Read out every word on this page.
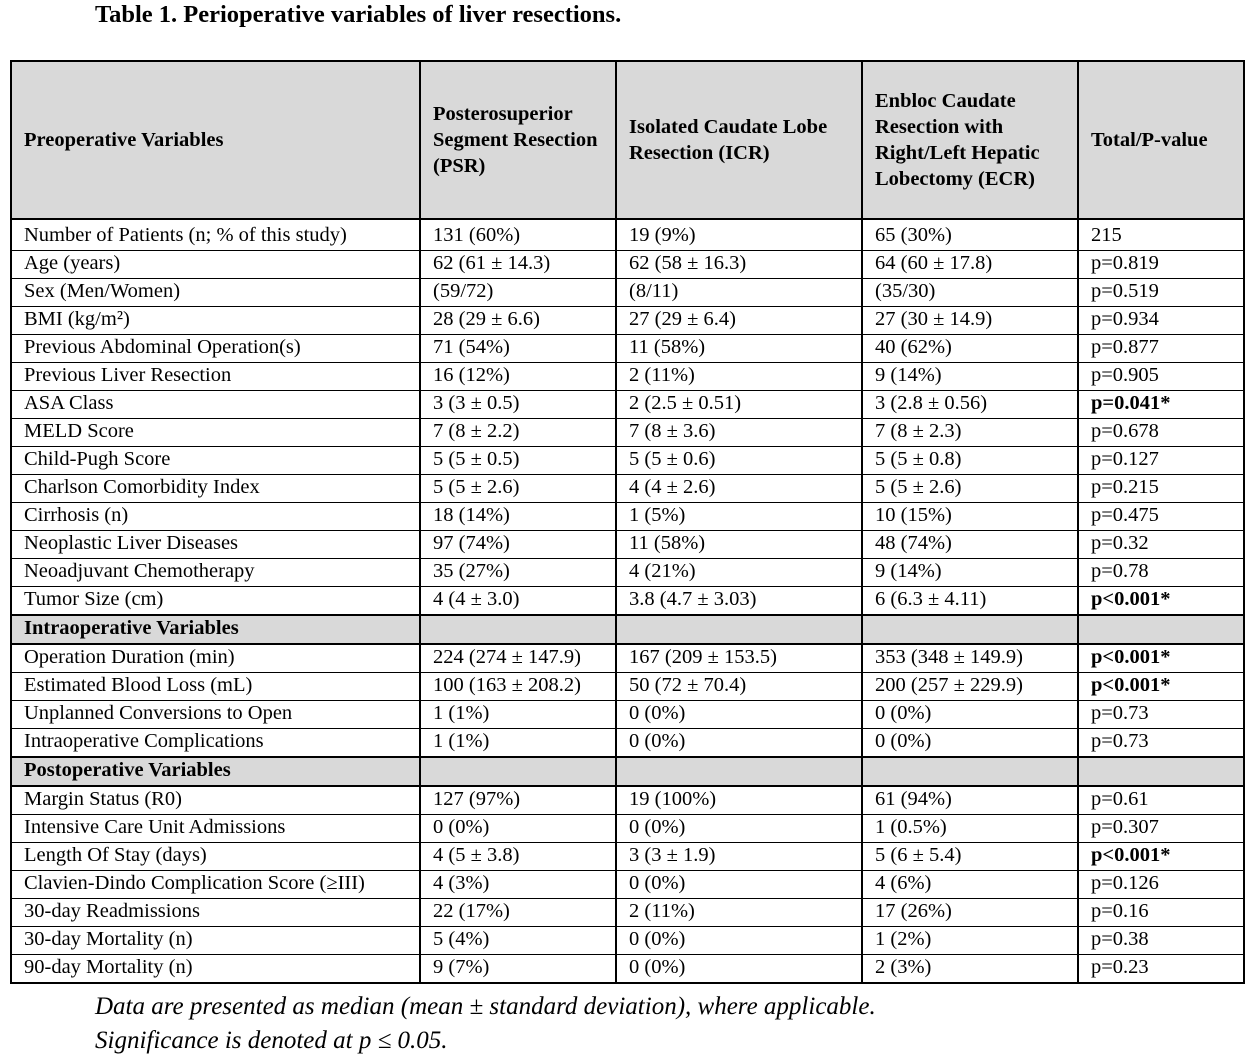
Table 1. Perioperative variables of liver resections.
Preoperative Variables	Posterosuperior Segment Resection (PSR)	Isolated Caudate Lobe Resection (ICR)	Enbloc Caudate Resection with Right/Left Hepatic Lobectomy (ECR)	Total/P-value
Number of Patients (n; % of this study)	131 (60%)	19 (9%)	65 (30%)	215
Age (years)	62 (61 ± 14.3)	62 (58 ± 16.3)	64 (60 ± 17.8)	p=0.819
Sex (Men/Women)	(59/72)	(8/11)	(35/30)	p=0.519
BMI (kg/m²)	28 (29 ± 6.6)	27 (29 ± 6.4)	27 (30 ± 14.9)	p=0.934
Previous Abdominal Operation(s)	71 (54%)	11 (58%)	40 (62%)	p=0.877
Previous Liver Resection	16 (12%)	2 (11%)	9 (14%)	p=0.905
ASA Class	3 (3 ± 0.5)	2 (2.5 ± 0.51)	3 (2.8 ± 0.56)	p=0.041*
MELD Score	7 (8 ± 2.2)	7 (8 ± 3.6)	7 (8 ± 2.3)	p=0.678
Child-Pugh Score	5 (5 ± 0.5)	5 (5 ± 0.6)	5 (5 ± 0.8)	p=0.127
Charlson Comorbidity Index	5 (5 ± 2.6)	4 (4 ± 2.6)	5 (5 ± 2.6)	p=0.215
Cirrhosis (n)	18 (14%)	1 (5%)	10 (15%)	p=0.475
Neoplastic Liver Diseases	97 (74%)	11 (58%)	48 (74%)	p=0.32
Neoadjuvant Chemotherapy	35 (27%)	4 (21%)	9 (14%)	p=0.78
Tumor Size (cm)	4 (4 ± 3.0)	3.8 (4.7 ± 3.03)	6 (6.3 ± 4.11)	p<0.001*
Intraoperative Variables				
Operation Duration (min)	224 (274 ± 147.9)	167 (209 ± 153.5)	353 (348 ± 149.9)	p<0.001*
Estimated Blood Loss (mL)	100 (163 ± 208.2)	50 (72 ± 70.4)	200 (257 ± 229.9)	p<0.001*
Unplanned Conversions to Open	1 (1%)	0 (0%)	0 (0%)	p=0.73
Intraoperative Complications	1 (1%)	0 (0%)	0 (0%)	p=0.73
Postoperative Variables				
Margin Status (R0)	127 (97%)	19 (100%)	61 (94%)	p=0.61
Intensive Care Unit Admissions	0 (0%)	0 (0%)	1 (0.5%)	p=0.307
Length Of Stay (days)	4 (5 ± 3.8)	3 (3 ± 1.9)	5 (6 ± 5.4)	p<0.001*
Clavien-Dindo Complication Score (≥III)	4 (3%)	0 (0%)	4 (6%)	p=0.126
30-day Readmissions	22 (17%)	2 (11%)	17 (26%)	p=0.16
30-day Mortality (n)	5 (4%)	0 (0%)	1 (2%)	p=0.38
90-day Mortality (n)	9 (7%)	0 (0%)	2 (3%)	p=0.23
Data are presented as median (mean ± standard deviation), where applicable.
Significance is denoted at p ≤ 0.05.
